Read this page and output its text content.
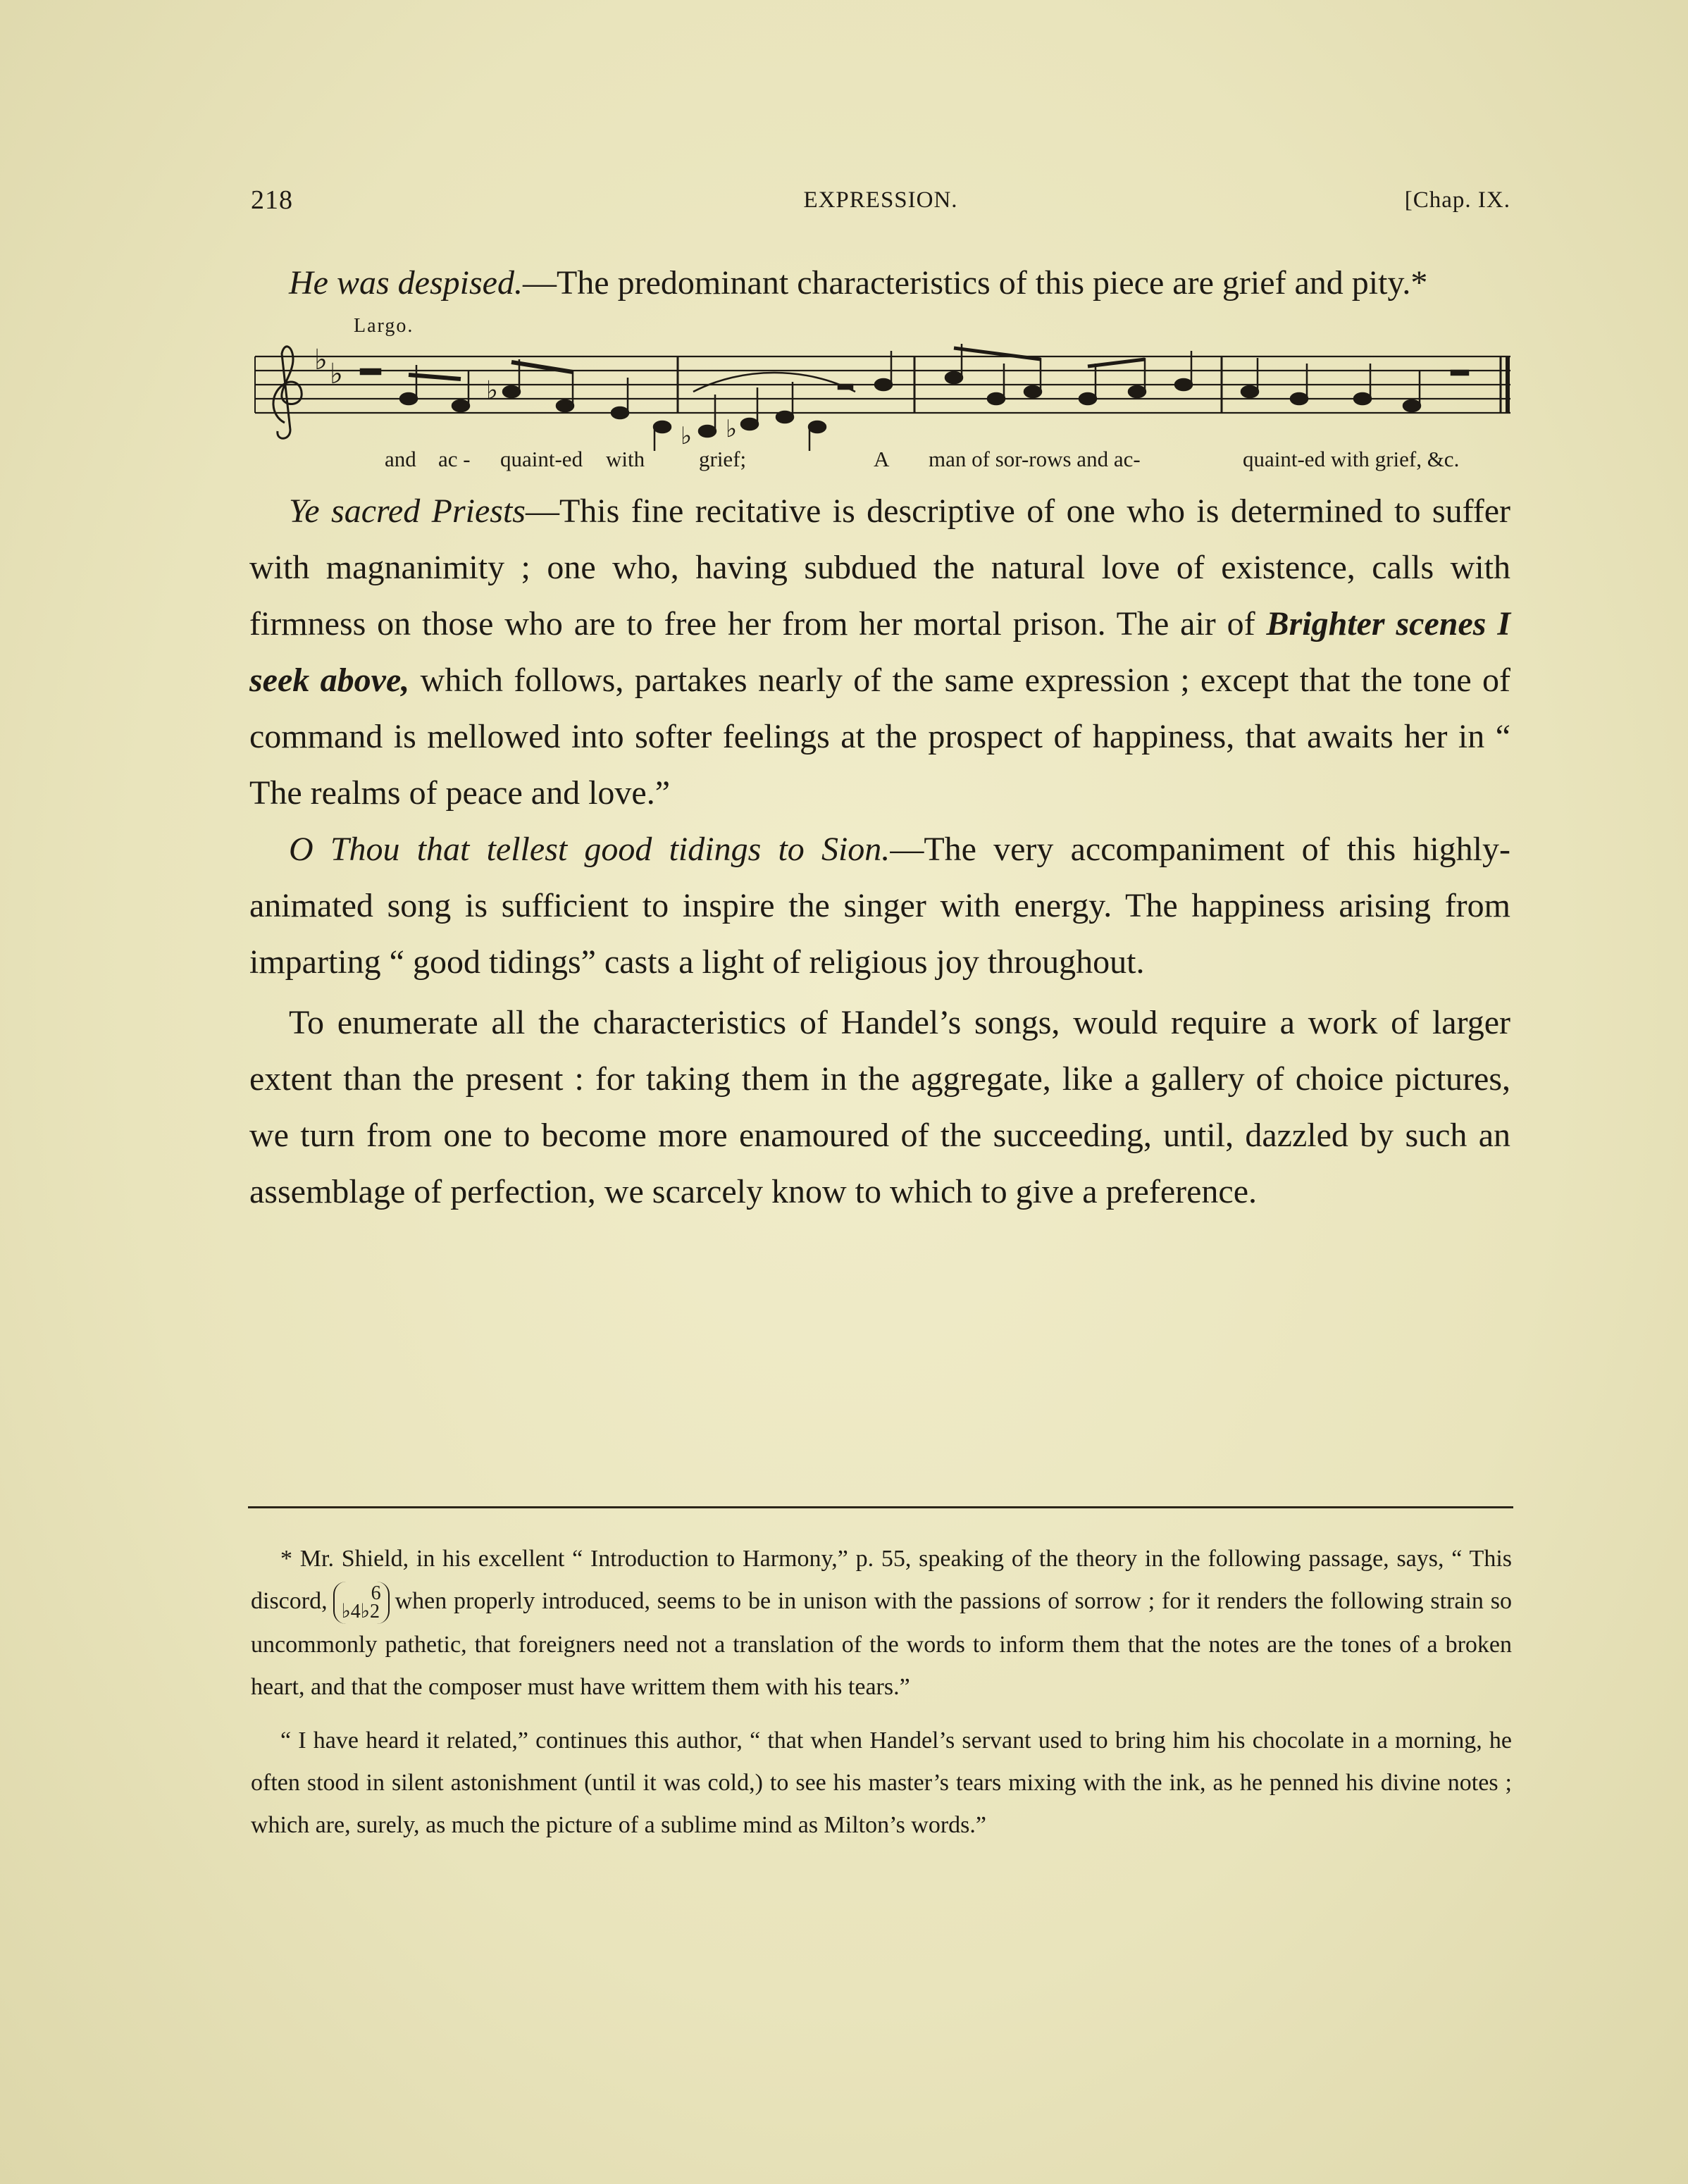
218	EXPRESSION.	[Chap. IX.

He was despised.—The predominant characteristics of this piece are grief and pity.*

Largo.
♭ ♭	♭
♭ ♭
and ac - quaint-ed with grief;	A man of sor-rows and ac-	quaint-ed with grief, &c.

Ye sacred Priests—This fine recitative is descriptive of one who is determined to suffer with magnanimity ; one who, having subdued the natural love of existence, calls with firmness on those who are to free her from her mortal prison. The air of Brighter scenes I seek above, which follows, partakes nearly of the same expression ; except that the tone of command is mellowed into softer feelings at the prospect of happiness, that awaits her in “ The realms of peace and love.”

O Thou that tellest good tidings to Sion.—The very accompaniment of this highly-animated song is sufficient to inspire the singer with energy. The happiness arising from imparting “ good tidings” casts a light of religious joy throughout.

To enumerate all the characteristics of Handel’s songs, would require a work of larger extent than the present : for taking them in the aggregate, like a gallery of choice pictures, we turn from one to become more enamoured of the succeeding, until, dazzled by such an assemblage of perfection, we scarcely know to which to give a preference.

* Mr. Shield, in his excellent “ Introduction to Harmony,” p. 55, speaking of the theory in the following passage, says, “ This discord, 6
♭4♭2 when properly introduced, seems to be in unison with the passions of sorrow ; for it renders the following strain so uncommonly pathetic, that foreigners need not a translation of the words to inform them that the notes are the tones of a broken heart, and that the composer must have writtem them with his tears.”

“ I have heard it related,” continues this author, “ that when Handel’s servant used to bring him his chocolate in a morning, he often stood in silent astonishment (until it was cold,) to see his master’s tears mixing with the ink, as he penned his divine notes ; which are, surely, as much the picture of a sublime mind as Milton’s words.”
